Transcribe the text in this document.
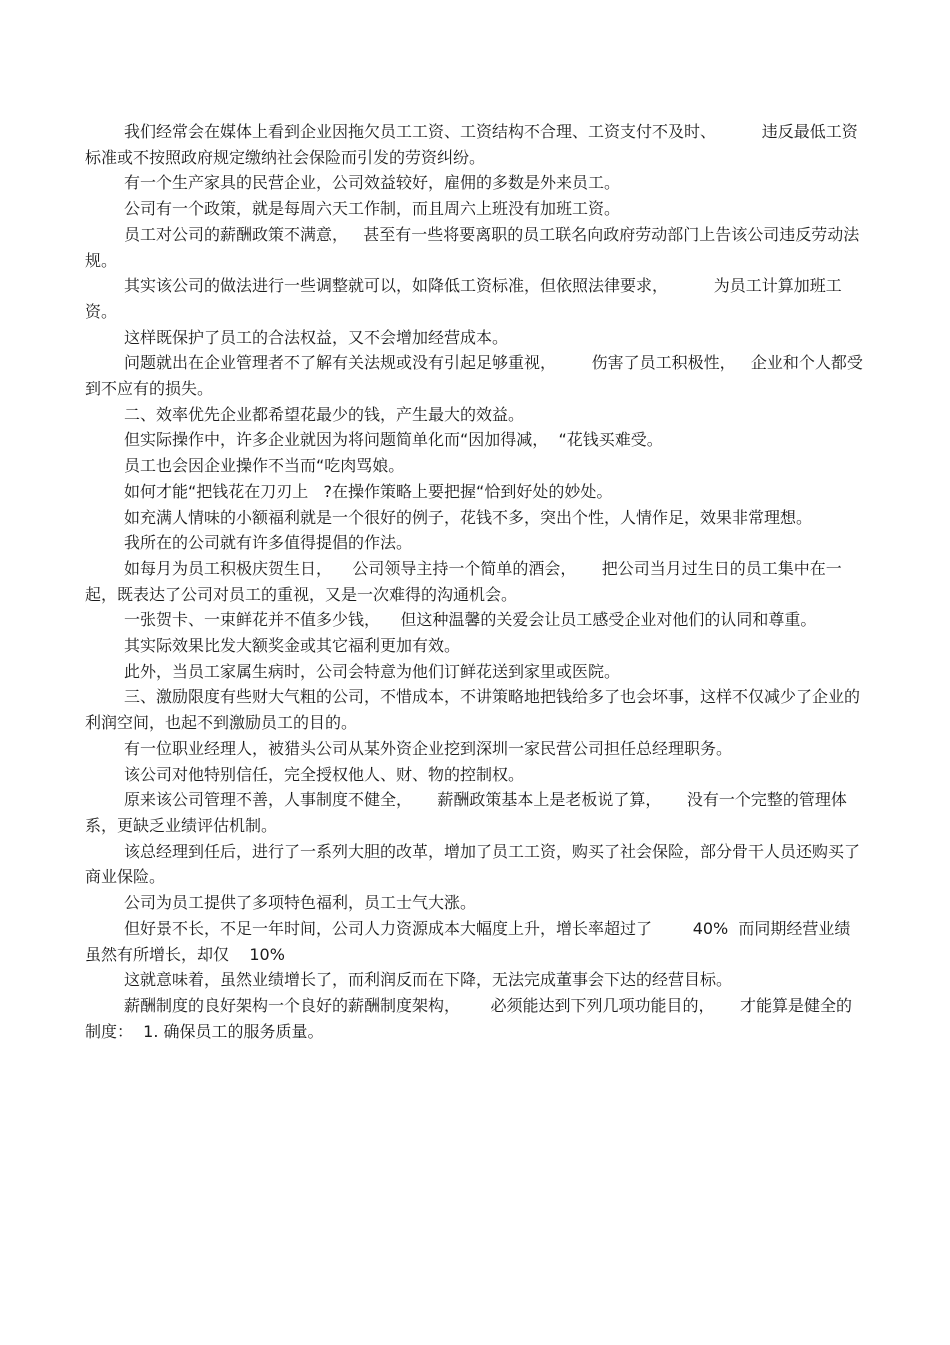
我们经常会在媒体上看到企业因拖欠员工工资、工资结构不合理、工资支付不及时、         违反最低工资标准或不按照政府规定缴纳社会保险而引发的劳资纠纷。

有一个生产家具的民营企业，公司效益较好，雇佣的多数是外来员工。

公司有一个政策，就是每周六天工作制，而且周六上班没有加班工资。

员工对公司的薪酬政策不满意，   甚至有一些将要离职的员工联名向政府劳动部门上告该公司违反劳动法规。

其实该公司的做法进行一些调整就可以，如降低工资标准，但依照法律要求，         为员工计算加班工资。

这样既保护了员工的合法权益，又不会增加经营成本。

问题就出在企业管理者不了解有关法规或没有引起足够重视，       伤害了员工积极性，   企业和个人都受到不应有的损失。

二、效率优先企业都希望花最少的钱，产生最大的效益。

但实际操作中，许多企业就因为将问题简单化而“因加得减，  “花钱买难受。

员工也会因企业操作不当而“吃肉骂娘。

如何才能“把钱花在刀刃上   ?在操作策略上要把握“恰到好处的妙处。

如充满人情味的小额福利就是一个很好的例子，花钱不多，突出个性，人情作足，效果非常理想。

我所在的公司就有许多值得提倡的作法。

如每月为员工积极庆贺生日，    公司领导主持一个简单的酒会，     把公司当月过生日的员工集中在一起，既表达了公司对员工的重视，又是一次难得的沟通机会。

一张贺卡、一束鲜花并不值多少钱，    但这种温馨的关爱会让员工感受企业对他们的认同和尊重。

其实际效果比发大额奖金或其它福利更加有效。

此外，当员工家属生病时，公司会特意为他们订鲜花送到家里或医院。

三、激励限度有些财大气粗的公司，不惜成本，不讲策略地把钱给多了也会坏事，这样不仅减少了企业的利润空间，也起不到激励员工的目的。

有一位职业经理人，被猎头公司从某外资企业挖到深圳一家民营公司担任总经理职务。

该公司对他特别信任，完全授权他人、财、物的控制权。

原来该公司管理不善，人事制度不健全，     薪酬政策基本上是老板说了算，     没有一个完整的管理体系，更缺乏业绩评估机制。

该总经理到任后，进行了一系列大胆的改革，增加了员工工资，购买了社会保险，部分骨干人员还购买了商业保险。

公司为员工提供了多项特色福利，员工士气大涨。

但好景不长，不足一年时间，公司人力资源成本大幅度上升，增长率超过了        40%  而同期经营业绩虽然有所增长，却仅    10%

这就意味着，虽然业绩增长了，而利润反而在下降，无法完成董事会下达的经营目标。

薪酬制度的良好架构一个良好的薪酬制度架构，      必须能达到下列几项功能目的，     才能算是健全的制度：  1. 确保员工的服务质量。
